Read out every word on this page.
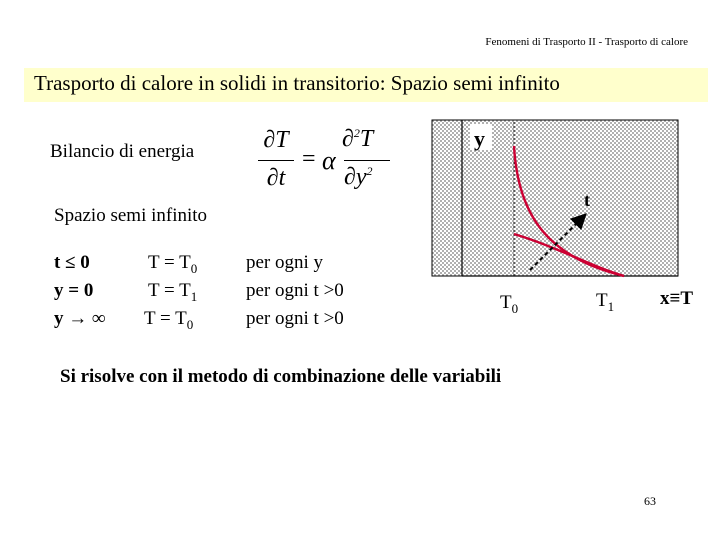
Fenomeni di Trasporto II - Trasporto di calore
Trasporto di calore in solidi in transitorio: Spazio semi infinito
Bilancio di energia	∂T
∂t
= α
∂$^2$T
$\partial y^2$
Spazio semi infinito
t ≤ 0	$T = T_0$	per ogni y
y = 0	$T = T_1$	per ogni t >0
y → ∞ $T = T_0$	per ogni t >0
y
t
$T_0$	$T_1$ x≡T
Si risolve con il metodo di combinazione delle variabili
63
